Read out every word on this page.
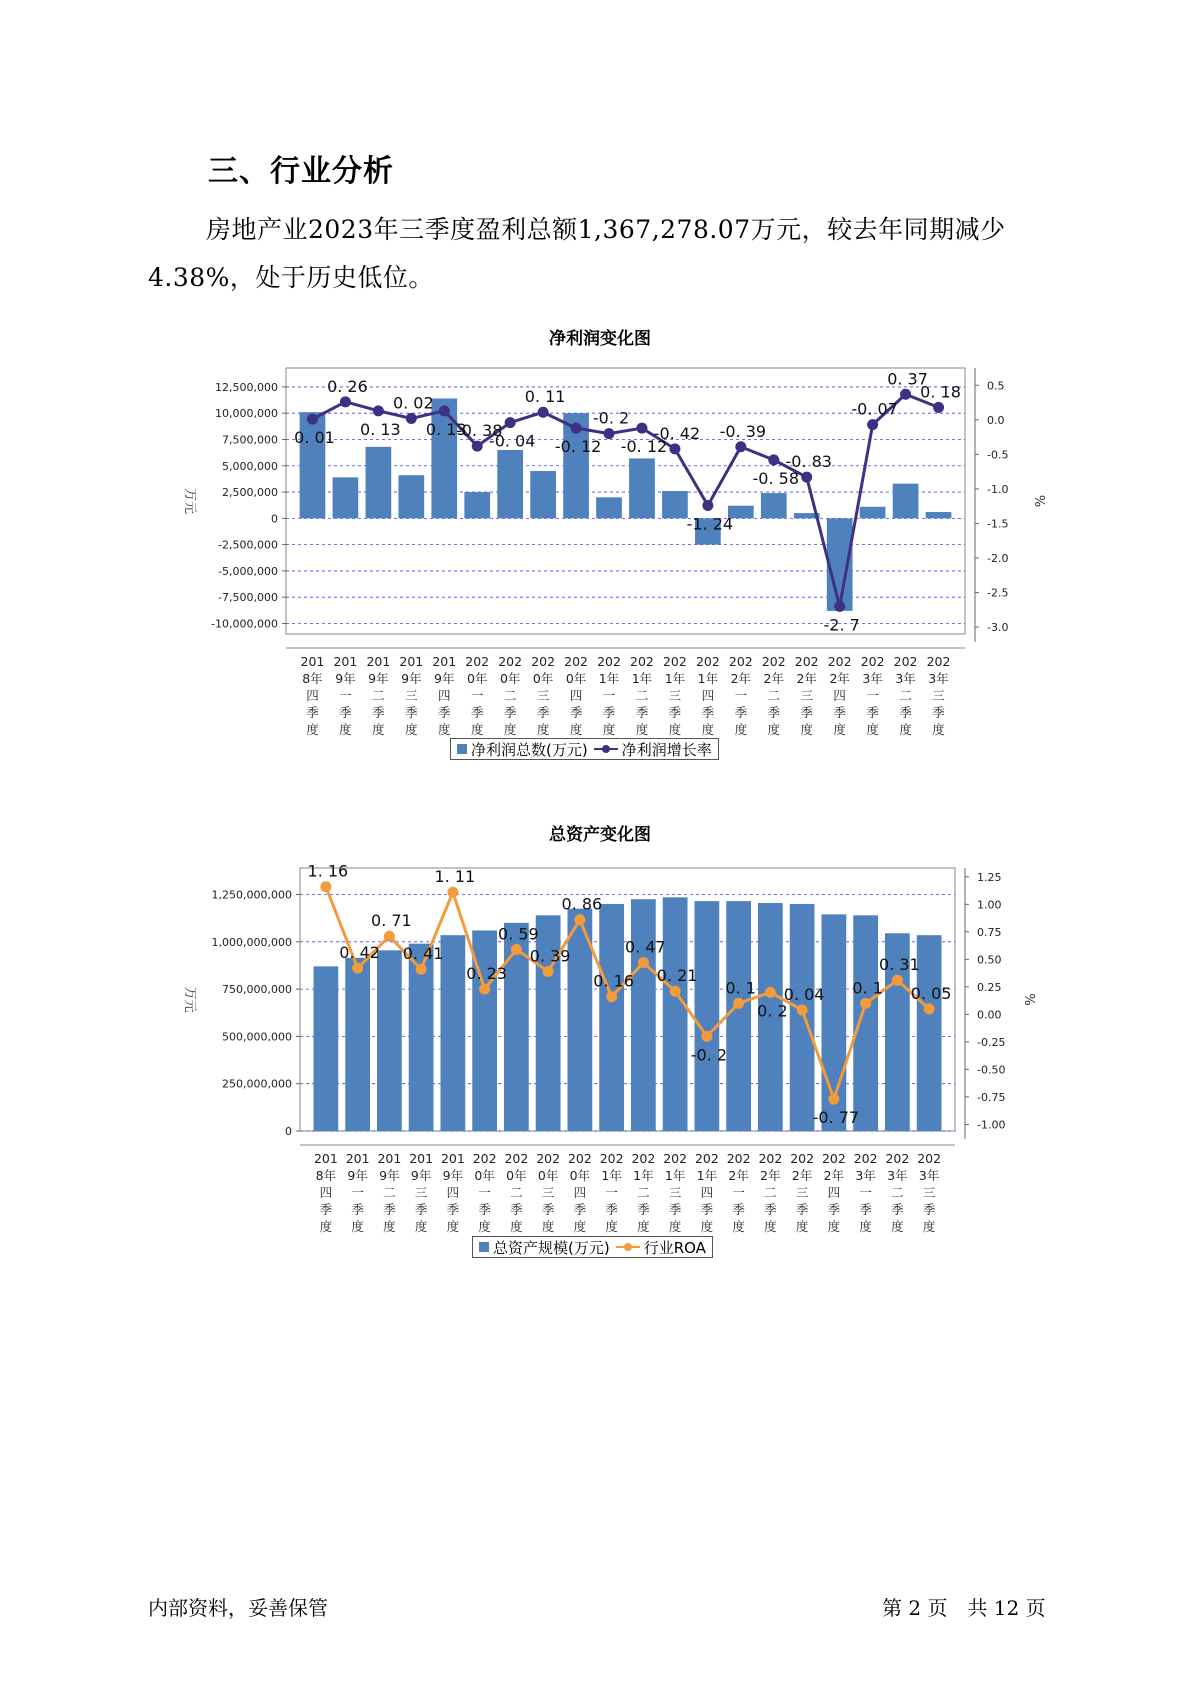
三、行业分析
房地产业2023年三季度盈利总额1,367,278.07万元，较去年同期减少4.38%，处于历史低位。
净利润变化图
12,500,000
10,000,000
7,500,000
5,000,000
2,500,000
0
-2,500,000
-5,000,000
-7,500,000
-10,000,000
0.5
0.0
-0.5
-1.0
-1.5
-2.0
-2.5
-3.0
万元	%
201 8年四季度
201 9年一季度
201 9年二季度
201 9年三季度
201 9年四季度
202 0年一季度
202 0年二季度
202 0年三季度
202 0年四季度
202 1年一季度
202 1年二季度
202 1年三季度
202 1年四季度
202 2年一季度
202 2年二季度
202 2年三季度
202 2年四季度
202 3年一季度
202 3年二季度
202 3年三季度
0. 01
0. 26
0. 13
0. 02
0. 13
-0. 38
-0. 04
0. 11
-0. 12
-0. 2
-0. 12
-0. 42
-1. 24
-0. 39
-0. 58
-0. 83
-2. 7
-0. 07
0. 37
0. 18
净利润总数(万元) 净利润增长率
总资产变化图
1,250,000,000
1,000,000,000
750,000,000
500,000,000
250,000,000
0
1.25
1.00
0.75
0.50
0.25
0.00
-0.25
-0.50
-0.75
-1.00
万元	%
201 8年四季度
201 9年一季度
201 9年二季度
201 9年三季度
201 9年四季度
202 0年一季度
202 0年二季度
202 0年三季度
202 0年四季度
202 1年一季度
202 1年二季度
202 1年三季度
202 1年四季度
202 2年一季度
202 2年二季度
202 2年三季度
202 2年四季度
202 3年一季度
202 3年二季度
202 3年三季度
1. 16
0. 42
0. 71
0. 41
1. 11
0. 23
0. 59
0. 39
0. 86
0. 16
0. 47
0. 21
-0. 2
0. 1
0. 2
0. 04
-0. 77
0. 1
0. 31
0. 05
总资产规模(万元) 行业ROA
内部资料，妥善保管	第 2 页　共 12 页
